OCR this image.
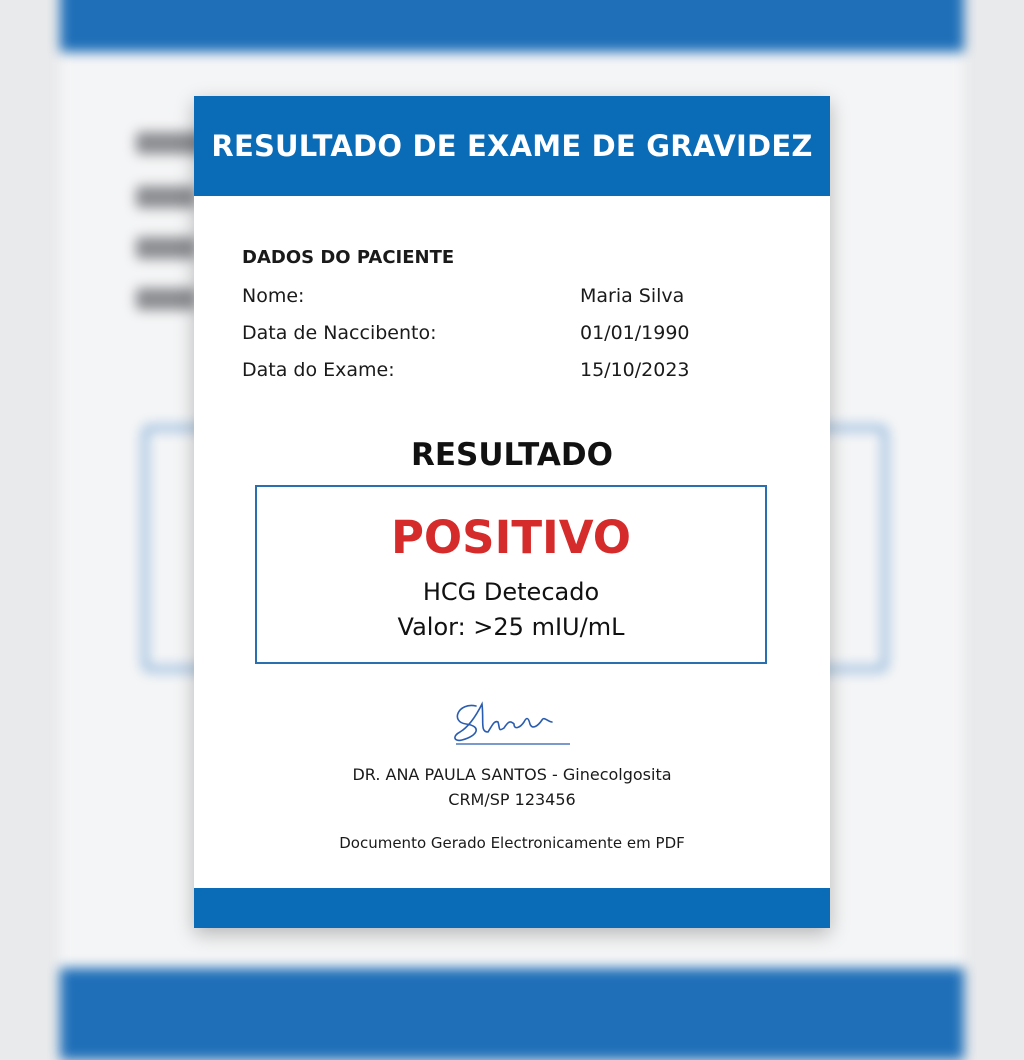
RESULTADO DE EXAME DE GRAVIDEZ
DADOS DO PACIENTE
Nome:	Maria Silva
Data de Naccibento:	01/01/1990
Data do Exame:	15/10/2023
RESULTADO
POSITIVO
HCG Detecado
Valor: >25 mIU/mL
DR. ANA PAULA SANTOS - Ginecolgosita
CRM/SP 123456
Documento Gerado Electronicamente em PDF
